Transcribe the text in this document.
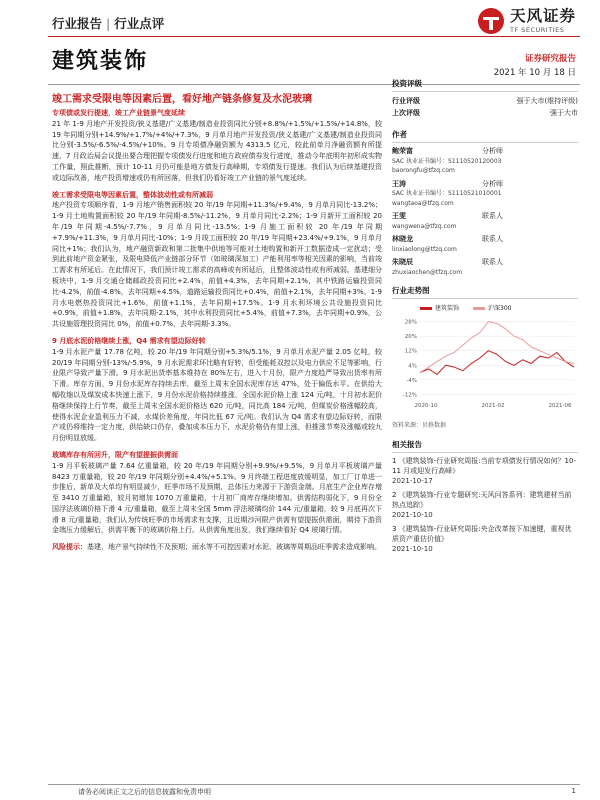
行业报告 | 行业点评	天风证券
TF SECURITIES
建筑装饰	证券研究报告
2021 年 10 月 18 日
竣工需求受限电等因素后置，看好地产链条修复及水泥玻璃
专项债或发行提速，竣工产业链景气度延续

21 年 1-9 月地产开发投资/狭义基建/广义基建/制造业投资同比分别+8.8%/+1.5%/+1.5%/+14.8%，较 19 年同期分别+14.9%/+1.7%/+4%/+7.3%，9 月单月地产开发投资/狭义基建/广义基建/制造业投资同比分别-3.5%/-6.5%/-4.5%/+10%。9 月专项债净融资额为 4313.5 亿元，较此前单月净融资额有所提速，7 月政治局会议提出要合理把握专项债发行进度和地方政府债券发行进度，推动今年底明年初形成实物工作量，照此推断，预计 10-11 月仍可能是地方债发行高峰期，专项债发行提速。我们认为后续基建投资或边际改善，地产投资增速或仍有所回落，但我们仍看好竣工产业链的景气度延续。

竣工需求受限电等因素后置，整体波动性或有所减弱

地产投资专项顺序看，1-9 月地产销售面积较 20 年/19 年同期+11.3%/+9.4%，9 月单月同比-13.2%；1-9 月土地购置面积较 20 年/19 年同期-8.5%/-11.2%，9 月单月同比-2.2%；1-9 月新开工面积较 20 年/19 年同期-4.5%/-7.7%，9 月单月同比-13.5%；1-9 月施工面积较 20 年/19 年同期+7.9%/+11.3%，9 月单月同比-10%；1-9 月竣工面积较 20 年/19 年同期+23.4%/+9.1%，9 月单月同比+1%；我们认为，地产融资新政和第二批集中供地等可能对土地购置和新开工数据造成一定扰动；受到此前地产资金紧张，及限电降低产业链部分环节（如玻璃深加工）产能利用率等相关因素的影响，当前竣工需求有所延后。在此情况下，我们预计竣工需求的高峰或有所延后，且整体波动性或有所减弱。基建细分板块中，1-9 月交通仓储邮政投资同比+2.4%，前值+4.3%，去年同期+2.1%，其中铁路运输投资同比-4.2%，前值-4.8%，去年同期+4.5%，道路运输投资同比+0.4%，前值+2.1%，去年同期+3%。1-9 月水电燃热投资同比+1.6%，前值+1.1%，去年同期+17.5%。1-9 月水利环境公共设施投资同比+0.9%，前值+1.8%，去年同期-2.1%，其中水利投资同比+5.4%，前值+7.3%，去年同期+0.9%，公共设施管理投资同比 0%，前值+0.7%，去年同期-3.3%。

9 月底水泥价格继续上涨，Q4 需求有望边际好转

1-9 月水泥产量 17.78 亿吨，较 20 年/19 年同期分别+5.3%/5.1%，9 月单月水泥产量 2.05 亿吨，较 20/19 年同期分别-13%/-5.9%，9 月水泥需求环比略有好转，但受能耗双控以及电力供应不足等影响，行业限产导致产量下滑。9 月水泥出货率基本维持在 80%左右，进入十月份，限产力度趋严导致出货率有所下滑。库存方面，9 月份水泥库存持续去库，截至上周末全国水泥库存达 47%，处于偏低水平。在供给大幅收缩以及煤炭成本快速上涨下，9 月份水泥价格持续推涨，全国水泥价格上涨 124 元/吨，十月初水泥价格继续保持上行节奏，截至上周末全国水泥价格达 620 元/吨，同比高 184 元/吨，但煤炭价格涨幅较高，使得水泥企业盈利压力不减，水煤价差角度，年同比低 67 元/吨。我们认为 Q4 需求有望边际好转，而限产或仍将维持一定力度，供给缺口仍存，叠加成本压力下，水泥价格仍有望上涨，但推涨节奏及涨幅或较九月份明显放缓。

玻璃库存有所回升，限产有望提振供需面

1-9 月平板玻璃产量 7.64 亿重量箱，较 20 年/19 年同期分别+9.9%/+9.5%，9 月单月平板玻璃产量 8423 万重量箱，较 20 年/19 年同期分别+4.4%/+5.1%。9 月终端工程进度放缓明显，加工厂订单进一步推后，新单及大单均有明显减少，旺季市场不及预期，总体压力来源于下游资金端。月底生产企业库存增至 3410 万重量箱，较月初增加 1070 万重量箱，十月初厂商库存继续增加。供需结构弱化下，9 月份全国浮法玻璃价格下滑 4 元/重量箱，截至上周末全国 5mm 浮法玻璃均价 144 元/重量箱，较 9 月底再次下滑 8 元/重量箱，我们认为传统旺季的市场需求有支撑，且近期沙河限产供需有望提振供需面，期待下游资金端压力缓解后，供需平衡下的玻璃价格上行。从供需角度出发，我们继续看好 Q4 玻璃行情。

风险提示：基建、地产景气持续性不及预期；雨水等不可控因素对水泥、玻璃等周期品旺季需求造成影响。

投资评级
行业评级	强于大市(维持评级)
上次评级	强于大市
作者
鲍荣富	分析师
SAC 执业证书编号：S1110520120003
baorongfu@tfzq.com
王涛	分析师
SAC 执业证书编号：S1110521010001
wangtaoa@tfzq.com
王雯	联系人
wangwena@tfzq.com
林晓龙	联系人
linxiaolong@tfzq.com
朱晓辰	联系人
zhuxiaochen@tfzq.com
行业走势图
建筑装饰	沪深300
28%
20%
12%
4%
-4%
-12%
2020-10	2021-02	2021-06
资料来源：贝格数据
相关报告
1 《建筑装饰-行业研究周报:当前专项债发行情况如何？10-11 月或迎发行高峰》
2021-10-17
2 《建筑装饰-行业专题研究:天风问答系列：建筑建材当前热点追踪》
2021-10-10
3 《建筑装饰-行业研究周报:央企改革按下加速键，重视优质资产重估价值》
2021-10-10
请务必阅读正文之后的信息披露和免责申明	1
